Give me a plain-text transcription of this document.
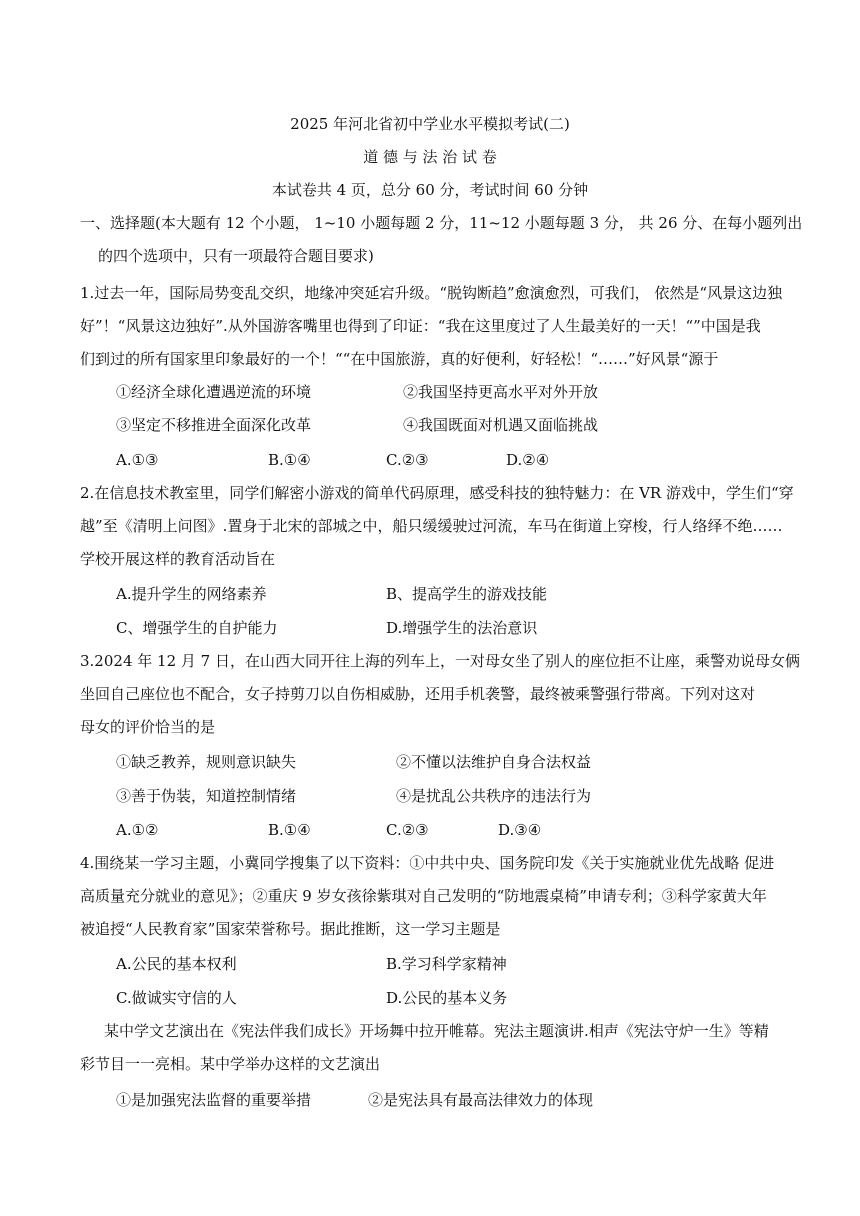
2025 年河北省初中学业水平模拟考试(二)
道 德 与 法 治 试 卷
本试卷共 4 页，总分 60 分，考试时间 60 分钟
一、选择题(本大题有 12 个小题， 1~10 小题每题 2 分，11~12 小题每题 3 分， 共 26 分、在每小题列出
的四个选项中，只有一项最符合题目要求)
1.过去一年，国际局势变乱交织，地缘冲突延宕升级。“脱钩断趋”愈演愈烈，可我们， 依然是“风景这边独
好”！“风景这边独好”.从外国游客嘴里也得到了印证：“我在这里度过了人生最美好的一天！“”中国是我
们到过的所有国家里印象最好的一个！““在中国旅游，真的好便利，好轻松！“……”好风景“源于
①经济全球化遭遇逆流的环境	②我国坚持更高水平对外开放
③坚定不移推进全面深化改革	④我国既面对机遇又面临挑战
A.①③	B.①④	C.②③	D.②④
2.在信息技术教室里，同学们解密小游戏的简单代码原理，感受科技的独特魅力：在 VR 游戏中，学生们“穿
越”至《清明上问图》.置身于北宋的部城之中，船只缓缓驶过河流，车马在街道上穿梭，行人络绎不绝……
学校开展这样的教育活动旨在
A.提升学生的网络素养	B、提高学生的游戏技能
C、增强学生的自护能力	D.增强学生的法治意识
3.2024 年 12 月 7 日，在山西大同开往上海的列车上，一对母女坐了别人的座位拒不让座，乘警劝说母女俩
坐回自己座位也不配合，女子持剪刀以自伤相威胁，还用手机袭警，最终被乘警强行带离。下列对这对
母女的评价恰当的是
①缺乏教养，规则意识缺失	②不懂以法维护自身合法权益
③善于伪装，知道控制情绪	④是扰乱公共秩序的违法行为
A.①②	B.①④	C.②③	D.③④
4.围绕某一学习主题，小冀同学搜集了以下资料：①中共中央、国务院印发《关于实施就业优先战略 促进
高质量充分就业的意见》；②重庆 9 岁女孩徐紫琪对自己发明的“防地震桌椅”申请专利；③科学家黄大年
被追授“人民教育家”国家荣誉称号。据此推断，这一学习主题是
A.公民的基本权利	B.学习科学家精神
C.做诚实守信的人	D.公民的基本义务
某中学文艺演出在《宪法伴我们成长》开场舞中拉开帷幕。宪法主题演讲.相声《宪法守炉一生》等精
彩节目一一亮相。某中学举办这样的文艺演出
①是加强宪法监督的重要举措	②是宪法具有最高法律效力的体现
